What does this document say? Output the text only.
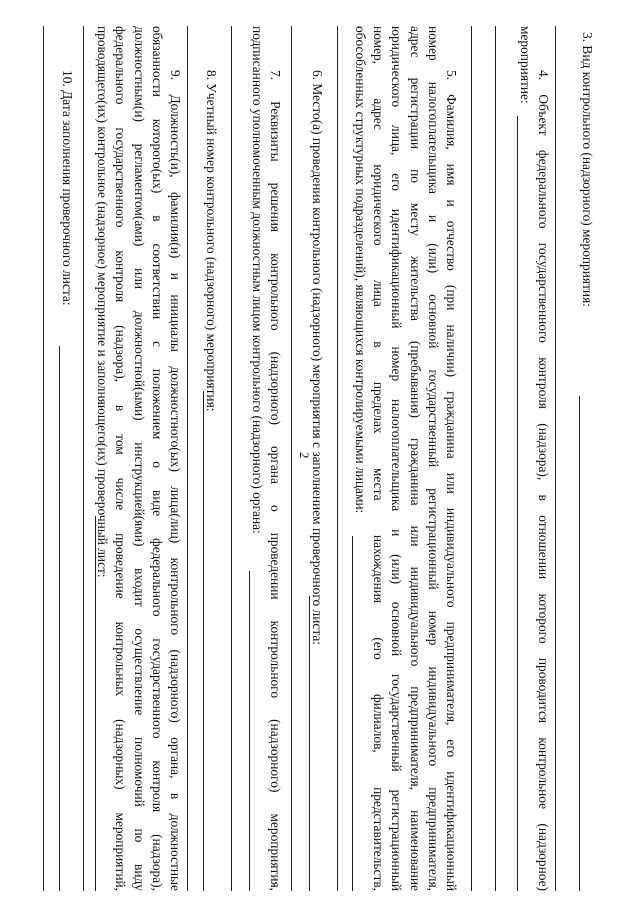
2
3. Вид контрольного (надзорного) мероприятия:
4. Объект федерального государственного контроля (надзора), в отношении которого проводится контрольное (надзорное)
мероприятие:
5. Фамилия, имя и отчество (при наличии) гражданина или индивидуального предпринимателя, его идентификационный
номер налогоплательщика и (или) основной государственный регистрационный номер индивидуального предпринимателя,
адрес регистрации по месту жительства (пребывания) гражданина или индивидуального предпринимателя, наименование
юридического лица, его идентификационный номер налогоплательщика и (или) основной государственный регистрационный
номер, адрес юридического лица в пределах места нахождения (его филиалов, представительств,
обособленных структурных подразделений), являющихся контролируемыми лицами:
6. Место(а) проведения контрольного (надзорного) мероприятия с заполнением проверочного листа:
7. Реквизиты решения контрольного (надзорного) органа о проведении контрольного (надзорного) мероприятия,
подписанного уполномоченным должностным лицом контрольного (надзорного) органа:
8. Учетный номер контрольного (надзорного) мероприятия:
9. Должность(и), фамилия(и) и инициалы должностного(ых) лица(лиц) контрольного (надзорного) органа, в должностные
обязанности которого(ых) в соответствии с положением о виде федерального государственного контроля (надзора),
должностным(и) регламентом(ами) или должностной(ыми) инструкцией(ями) входит осуществление полномочий по виду
федерального государственного контроля (надзора), в том числе проведение контрольных (надзорных) мероприятий,
проводящего(их) контрольное (надзорное) мероприятие и заполняющего(их) проверочный лист:
10. Дата заполнения проверочного листа:
